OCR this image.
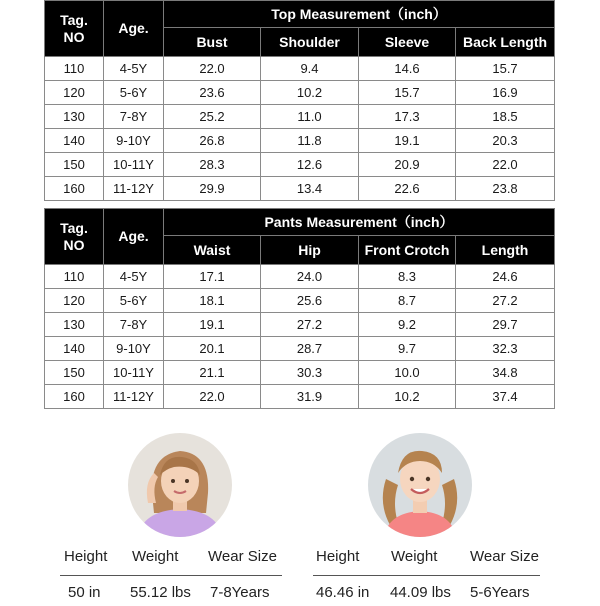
Tag.
NO	Age.	Top Measurement（inch）			
		Bust	Shoulder	Sleeve	Back Length
110	4-5Y	22.0	9.4	14.6	15.7
120	5-6Y	23.6	10.2	15.7	16.9
130	7-8Y	25.2	11.0	17.3	18.5
140	9-10Y	26.8	11.8	19.1	20.3
150	10-11Y	28.3	12.6	20.9	22.0
160	11-12Y	29.9	13.4	22.6	23.8
Tag.
NO	Age.	Pants Measurement（inch）			
		Waist	Hip	Front Crotch	Length
110	4-5Y	17.1	24.0	8.3	24.6
120	5-6Y	18.1	25.6	8.7	27.2
130	7-8Y	19.1	27.2	9.2	29.7
140	9-10Y	20.1	28.7	9.7	32.3
150	10-11Y	21.1	30.3	10.0	34.8
160	11-12Y	22.0	31.9	10.2	37.4
Height Weight Wear Size
50 in 55.12 lbs 7-8Years
Height Weight Wear Size
46.46 in 44.09 lbs 5-6Years
